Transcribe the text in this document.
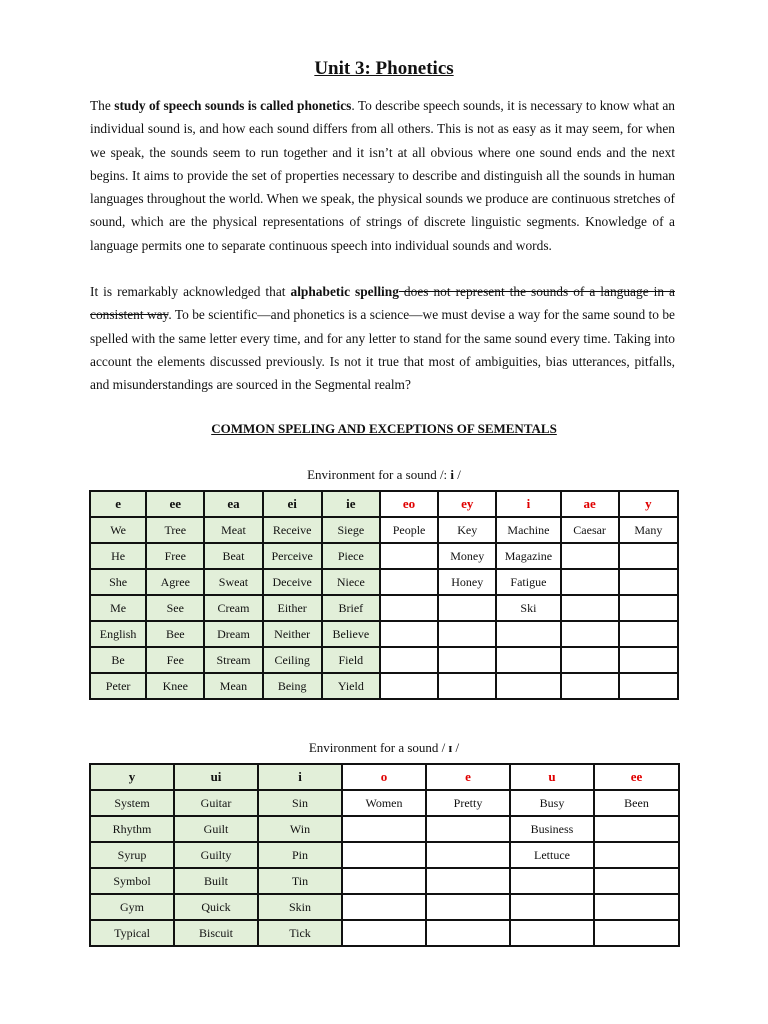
Unit 3: Phonetics

The study of speech sounds is called phonetics. To describe speech sounds, it is necessary to know what an individual sound is, and how each sound differs from all others. This is not as easy as it may seem, for when we speak, the sounds seem to run together and it isn’t at all obvious where one sound ends and the next begins. It aims to provide the set of properties necessary to describe and distinguish all the sounds in human languages throughout the world. When we speak, the physical sounds we produce are continuous stretches of sound, which are the physical representations of strings of discrete linguistic segments. Knowledge of a language permits one to separate continuous speech into individual sounds and words.

It is remarkably acknowledged that alphabetic spelling does not represent the sounds of a language in a consistent way. To be scientific—and phonetics is a science—we must devise a way for the same sound to be spelled with the same letter every time, and for any letter to stand for the same sound every time. Taking into account the elements discussed previously. Is not it true that most of ambiguities, bias utterances, pitfalls, and misunderstandings are sourced in the Segmental realm?

COMMON SPELING AND EXCEPTIONS OF SEMENTALS
Environment for a sound /: i /
e	ee	ea	ei	ie	eo	ey	i	ae	y
We	Tree	Meat	Receive	Siege	People	Key	Machine	Caesar	Many
He	Free	Beat	Perceive	Piece		Money	Magazine		
She	Agree	Sweat	Deceive	Niece		Honey	Fatigue		
Me	See	Cream	Either	Brief			Ski		
English	Bee	Dream	Neither	Believe					
Be	Fee	Stream	Ceiling	Field					
Peter	Knee	Mean	Being	Yield					
Environment for a sound / ɪ /
y	ui	i	o	e	u	ee
System	Guitar	Sin	Women	Pretty	Busy	Been
Rhythm	Guilt	Win			Business	
Syrup	Guilty	Pin			Lettuce	
Symbol	Built	Tin				
Gym	Quick	Skin				
Typical	Biscuit	Tick				
